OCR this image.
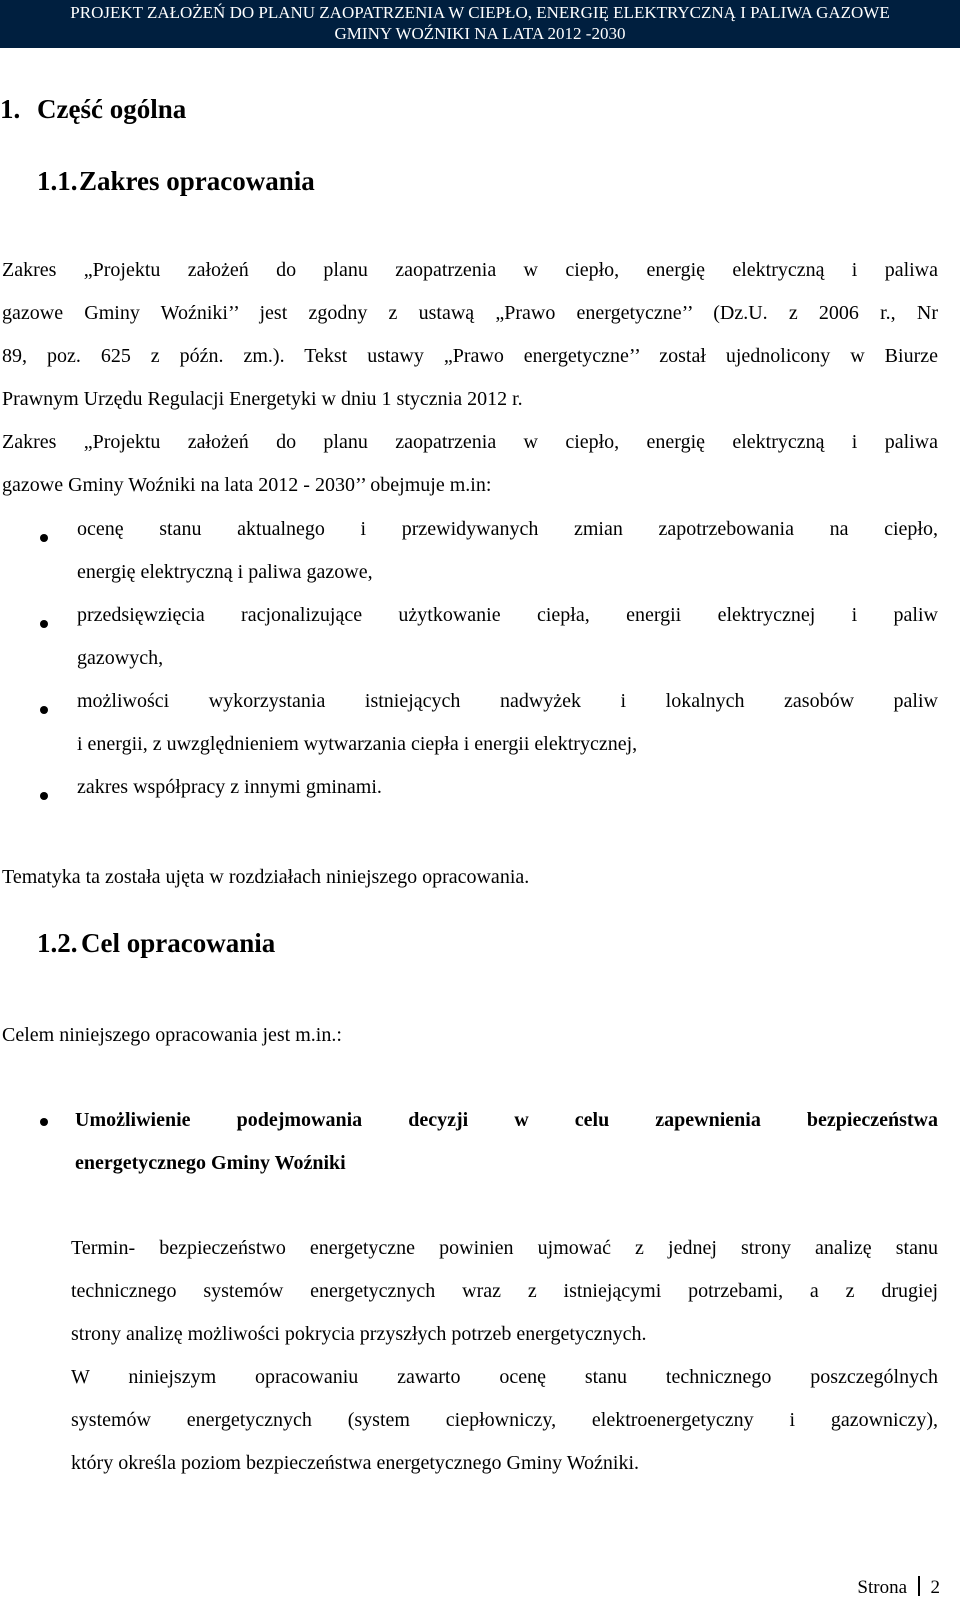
PROJEKT ZAŁOŻEŃ DO PLANU ZAOPATRZENIA W CIEPŁO, ENERGIĘ ELEKTRYCZNĄ I PALIWA GAZOWE
GMINY WOŹNIKI NA LATA 2012 -2030
1. Część ogólna
1.1.Zakres opracowania
Zakres „Projektu założeń do planu zaopatrzenia w ciepło, energię elektryczną i paliwa
gazowe Gminy Woźniki’’ jest zgodny z ustawą „Prawo energetyczne’’ (Dz.U. z 2006 r., Nr
89, poz. 625 z późn. zm.). Tekst ustawy „Prawo energetyczne’’ został ujednolicony w Biurze
Prawnym Urzędu Regulacji Energetyki w dniu 1 stycznia 2012 r.
Zakres „Projektu założeń do planu zaopatrzenia w ciepło, energię elektryczną i paliwa
gazowe Gminy Woźniki na lata 2012 - 2030’’ obejmuje m.in:
ocenę stanu aktualnego i przewidywanych zmian zapotrzebowania na ciepło,
energię elektryczną i paliwa gazowe,
przedsięwzięcia racjonalizujące użytkowanie ciepła, energii elektrycznej i paliw
gazowych,
możliwości wykorzystania istniejących nadwyżek i lokalnych zasobów paliw
i energii, z uwzględnieniem wytwarzania ciepła i energii elektrycznej,
zakres współpracy z innymi gminami.
Tematyka ta została ujęta w rozdziałach niniejszego opracowania.
1.2. Cel opracowania
Celem niniejszego opracowania jest m.in.:
Umożliwienie podejmowania decyzji w celu zapewnienia bezpieczeństwa
energetycznego Gminy Woźniki
Termin- bezpieczeństwo energetyczne powinien ujmować z jednej strony analizę stanu
technicznego systemów energetycznych wraz z istniejącymi potrzebami, a z drugiej
strony analizę możliwości pokrycia przyszłych potrzeb energetycznych.
W niniejszym opracowaniu zawarto ocenę stanu technicznego poszczególnych
systemów energetycznych (system ciepłowniczy, elektroenergetyczny i gazowniczy),
który określa poziom bezpieczeństwa energetycznego Gminy Woźniki.
Strona 2
